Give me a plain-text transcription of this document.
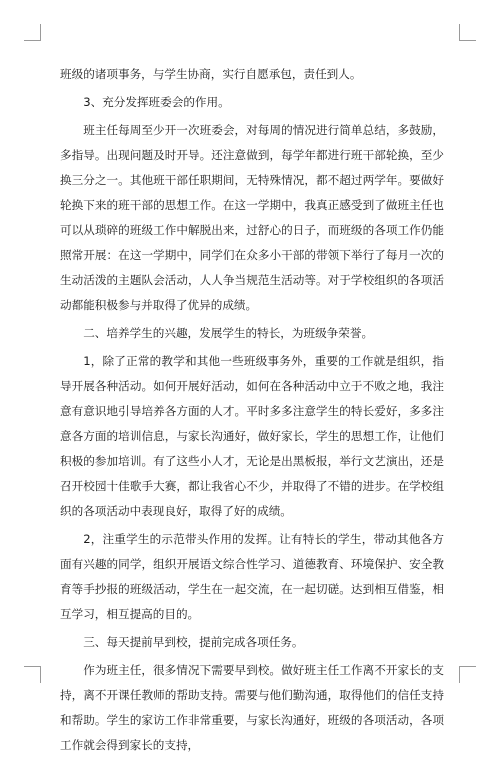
班级的诸项事务，与学生协商，实行自愿承包，责任到人。

3、充分发挥班委会的作用。

班主任每周至少开一次班委会，对每周的情况进行简单总结，多鼓励，多指导。出现问题及时开导。还注意做到，每学年都进行班干部轮换，至少换三分之一。其他班干部任职期间，无特殊情况，都不超过两学年。要做好轮换下来的班干部的思想工作。在这一学期中，我真正感受到了做班主任也可以从琐碎的班级工作中解脱出来，过舒心的日子，而班级的各项工作仍能照常开展：在这一学期中，同学们在众多小干部的带领下举行了每月一次的生动活泼的主题队会活动，人人争当规范生活动等。对于学校组织的各项活动都能积极参与并取得了优异的成绩。

二、培养学生的兴趣，发展学生的特长，为班级争荣誉。

1，除了正常的教学和其他一些班级事务外，重要的工作就是组织，指导开展各种活动。如何开展好活动，如何在各种活动中立于不败之地，我注意有意识地引导培养各方面的人才。平时多多注意学生的特长爱好，多多注意各方面的培训信息，与家长沟通好，做好家长，学生的思想工作，让他们积极的参加培训。有了这些小人才，无论是出黑板报，举行文艺演出，还是召开校园十佳歌手大赛，都让我省心不少，并取得了不错的进步。在学校组织的各项活动中表现良好，取得了好的成绩。

2，注重学生的示范带头作用的发挥。让有特长的学生，带动其他各方面有兴趣的同学，组织开展语文综合性学习、道德教育、环境保护、安全教育等手抄报的班级活动，学生在一起交流，在一起切磋。达到相互借鉴，相互学习，相互提高的目的。

三、每天提前早到校，提前完成各项任务。

作为班主任，很多情况下需要早到校。做好班主任工作离不开家长的支持，离不开课任教师的帮助支持。需要与他们勤沟通，取得他们的信任支持和帮助。学生的家访工作非常重要，与家长沟通好，班级的各项活动，各项工作就会得到家长的支持，
